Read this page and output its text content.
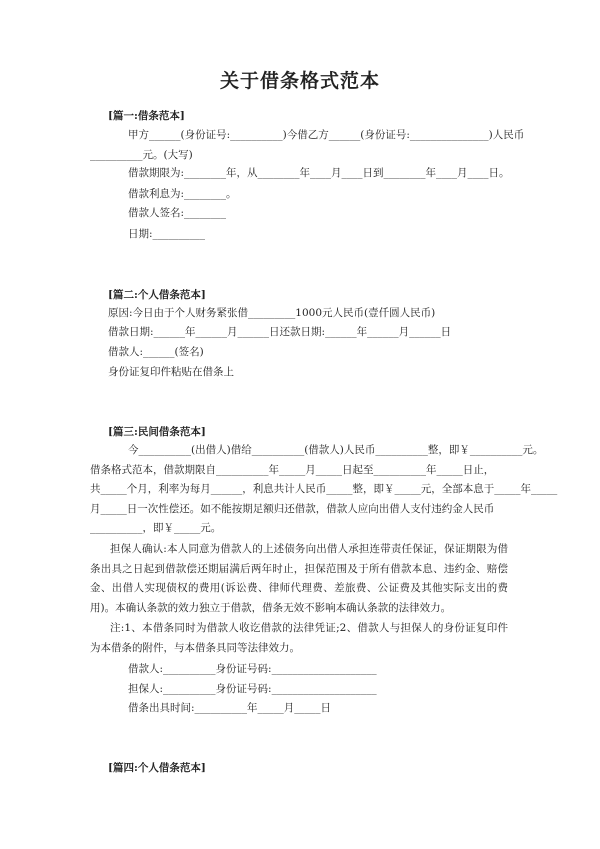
关于借条格式范本
[篇一:借条范本]
甲方______(身份证号:__________)今借乙方______(身份证号:_______________)人民币
__________元。(大写)
借款期限为:________年，从________年____月____日到________年____月____日。
借款利息为:________。
借款人签名:________
日期:__________
[篇二:个人借条范本]
原因:今日由于个人财务紧张借_________1000元人民币(壹仟圆人民币)
借款日期:______年______月______日还款日期:______年______月______日
借款人:______(签名)
身份证复印件粘贴在借条上
[篇三:民间借条范本]
今__________(出借人)借给__________(借款人)人民币__________整，即￥__________元。
借条格式范本，借款期限自__________年_____月_____日起至__________年_____日止，
共_____个月，利率为每月______，利息共计人民币_____整，即￥_____元，全部本息于_____年_____
月_____日一次性偿还。如不能按期足额归还借款，借款人应向出借人支付违约金人民币
__________，即￥_____元。
担保人确认:本人同意为借款人的上述债务向出借人承担连带责任保证，保证期限为借条出具之日起到借款偿还期届满后两年时止，担保范围及于所有借款本息、违约金、赔偿金、出借人实现债权的费用(诉讼费、律师代理费、差旅费、公证费及其他实际支出的费用)。本确认条款的效力独立于借款，借条无效不影响本确认条款的法律效力。
注:1、本借条同时为借款人收讫借款的法律凭证;2、借款人与担保人的身份证复印件为本借条的附件，与本借条具同等法律效力。
借款人:__________身份证号码:____________________
担保人:__________身份证号码:____________________
借条出具时间:__________年_____月_____日
[篇四:个人借条范本]
